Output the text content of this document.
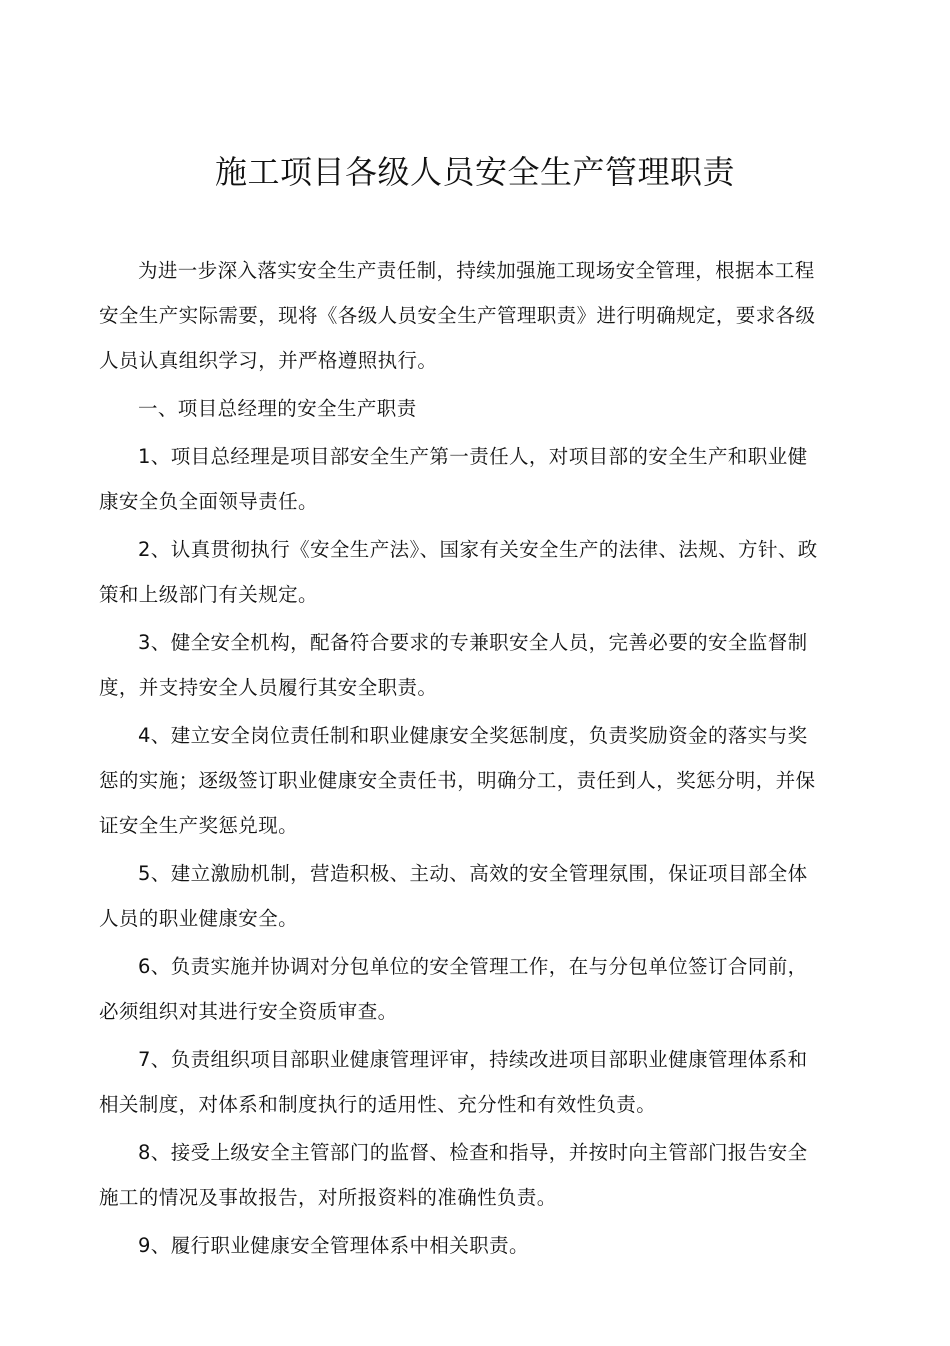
施工项目各级人员安全生产管理职责

为进一步深入落实安全生产责任制，持续加强施工现场安全管理，根据本工程安全生产实际需要，现将《各级人员安全生产管理职责》进行明确规定，要求各级人员认真组织学习，并严格遵照执行。

一、项目总经理的安全生产职责

1、项目总经理是项目部安全生产第一责任人，对项目部的安全生产和职业健康安全负全面领导责任。

2、认真贯彻执行《安全生产法》、国家有关安全生产的法律、法规、方针、政策和上级部门有关规定。

3、健全安全机构，配备符合要求的专兼职安全人员，完善必要的安全监督制度，并支持安全人员履行其安全职责。

4、建立安全岗位责任制和职业健康安全奖惩制度，负责奖励资金的落实与奖惩的实施；逐级签订职业健康安全责任书，明确分工，责任到人，奖惩分明，并保证安全生产奖惩兑现。

5、建立激励机制，营造积极、主动、高效的安全管理氛围，保证项目部全体人员的职业健康安全。

6、负责实施并协调对分包单位的安全管理工作，在与分包单位签订合同前，必须组织对其进行安全资质审查。

7、负责组织项目部职业健康管理评审，持续改进项目部职业健康管理体系和相关制度，对体系和制度执行的适用性、充分性和有效性负责。

8、接受上级安全主管部门的监督、检查和指导，并按时向主管部门报告安全施工的情况及事故报告，对所报资料的准确性负责。

9、履行职业健康安全管理体系中相关职责。
